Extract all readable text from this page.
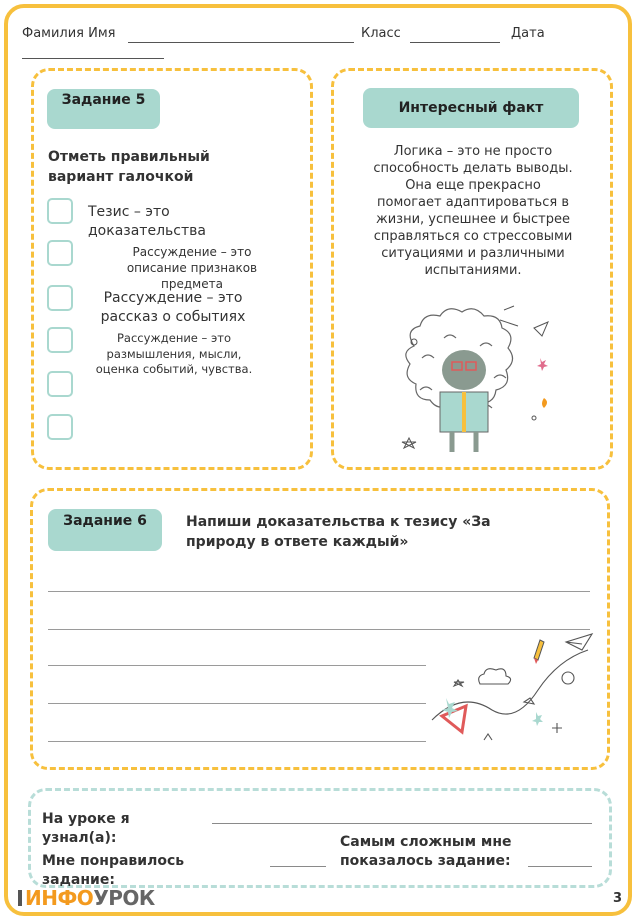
Фамилия Имя	Класс	Дата
Задание 5
Отметь правильный вариант галочкой
Тезис – это доказательства
Рассуждение – это описание признаков предмета
Рассуждение – это рассказ о событиях
Рассуждение – это размышления, мысли, оценка событий, чувства.
Интересный факт
Логика – это не просто способность делать выводы. Она еще прекрасно помогает адаптироваться в жизни, успешнее и быстрее справляться со стрессовыми ситуациями и различными испытаниями.
Задание 6	Напиши доказательства к тезису «За природу в ответе каждый»
На уроке я узнал(а):
Мне понравилось задание:
Самым сложным мне показалось задание:
ИНФОУРОК	3
